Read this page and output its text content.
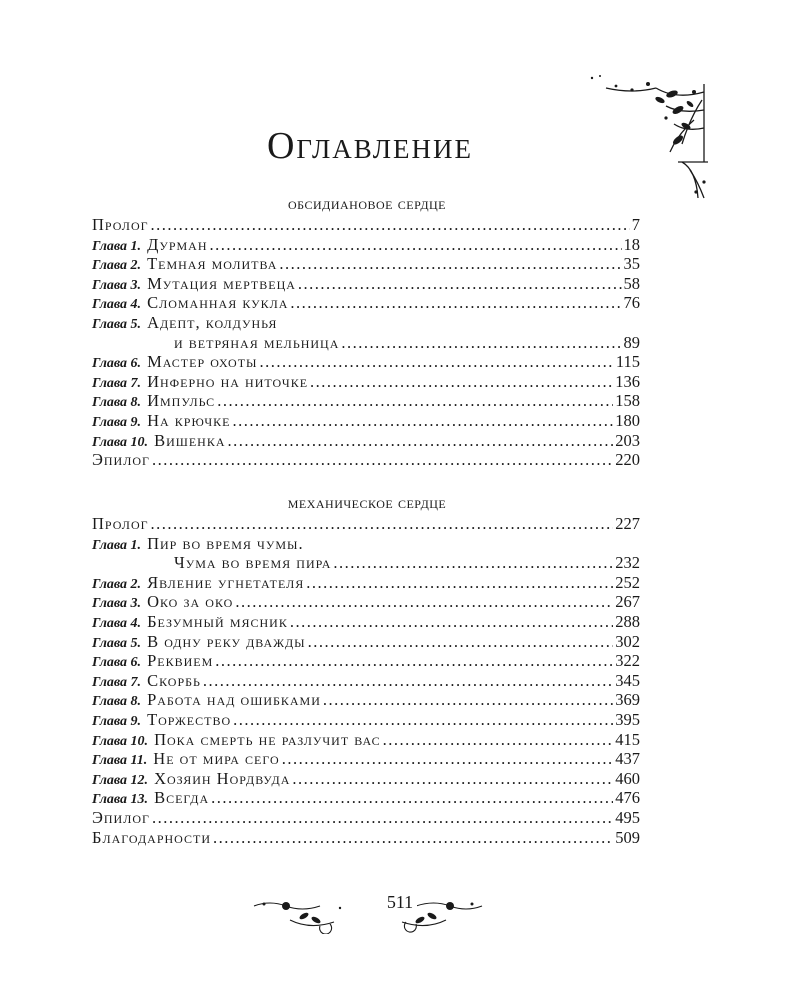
Оглавление
обсидиановое сердце
Пролог .....	7
Глава 1. Дурман .....	18
Глава 2. Темная молитва .....	35
Глава 3. Мутация мертвеца .....	58
Глава 4. Сломанная кукла .....	76
Глава 5. Адепт, колдунья
и ветряная мельница .....	89
Глава 6. Мастер охоты .....	115
Глава 7. Инферно на ниточке .....	136
Глава 8. Импульс .....	158
Глава 9. На крючке .....	180
Глава 10. Вишенка .....	203
Эпилог .....	220
механическое сердце
Пролог .....	227
Глава 1. Пир во время чумы.
Чума во время пира .....	232
Глава 2. Явление угнетателя .....	252
Глава 3. Око за око .....	267
Глава 4. Безумный мясник .....	288
Глава 5. В одну реку дважды .....	302
Глава 6. Реквием .....	322
Глава 7. Скорбь .....	345
Глава 8. Работа над ошибками .....	369
Глава 9. Торжество .....	395
Глава 10. Пока смерть не разлучит вас .....	415
Глава 11. Не от мира сего .....	437
Глава 12. Хозяин Нордвуда .....	460
Глава 13. Всегда .....	476
Эпилог .....	495
Благодарности .....	509
511
